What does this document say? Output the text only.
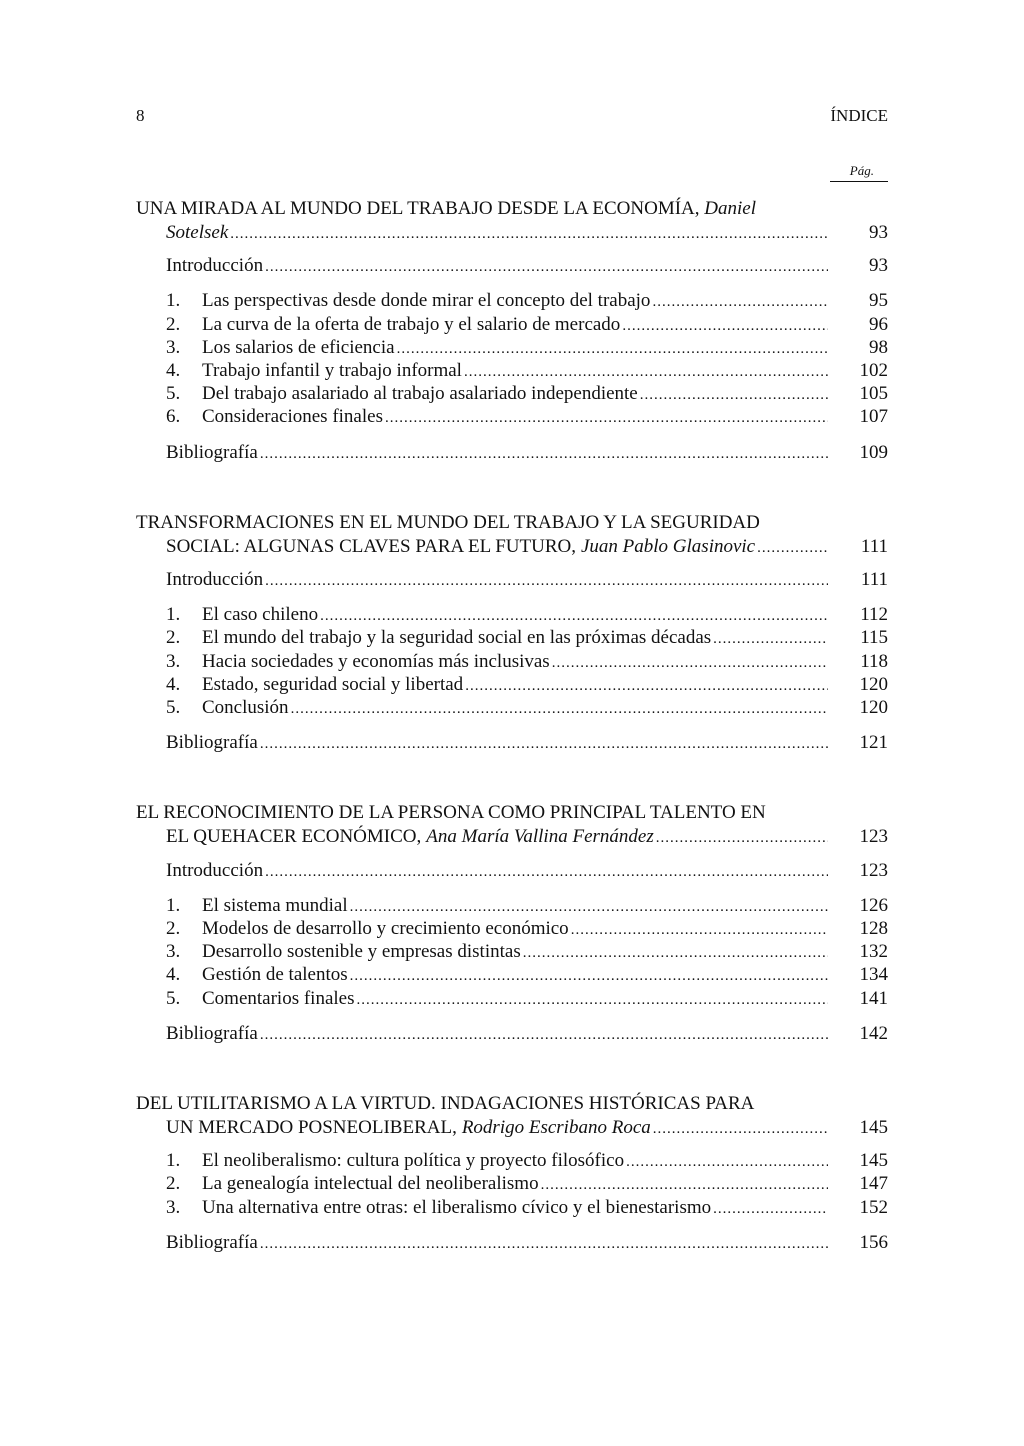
8	ÍNDICE
Pág.
UNA MIRADA AL MUNDO DEL TRABAJO DESDE LA ECONOMÍA, Daniel
Sotelsek .....	93
Introducción .....	93
1.	Las perspectivas desde donde mirar el concepto del trabajo .....	95
2.	La curva de la oferta de trabajo y el salario de mercado .....	96
3.	Los salarios de eficiencia .....	98
4.	Trabajo infantil y trabajo informal .....	102
5.	Del trabajo asalariado al trabajo asalariado independiente .....	105
6.	Consideraciones finales .....	107
Bibliografía .....	109
TRANSFORMACIONES EN EL MUNDO DEL TRABAJO Y LA SEGURIDAD
SOCIAL: ALGUNAS CLAVES PARA EL FUTURO, Juan Pablo Glasinovic .....	111
Introducción .....	111
1.	El caso chileno .....	112
2.	El mundo del trabajo y la seguridad social en las próximas décadas .....	115
3.	Hacia sociedades y economías más inclusivas .....	118
4.	Estado, seguridad social y libertad .....	120
5.	Conclusión .....	120
Bibliografía .....	121
EL RECONOCIMIENTO DE LA PERSONA COMO PRINCIPAL TALENTO EN
EL QUEHACER ECONÓMICO, Ana María Vallina Fernández .....	123
Introducción .....	123
1.	El sistema mundial .....	126
2.	Modelos de desarrollo y crecimiento económico .....	128
3.	Desarrollo sostenible y empresas distintas .....	132
4.	Gestión de talentos .....	134
5.	Comentarios finales .....	141
Bibliografía .....	142
DEL UTILITARISMO A LA VIRTUD. INDAGACIONES HISTÓRICAS PARA
UN MERCADO POSNEOLIBERAL, Rodrigo Escribano Roca .....	145
1.	El neoliberalismo: cultura política y proyecto filosófico .....	145
2.	La genealogía intelectual del neoliberalismo .....	147
3.	Una alternativa entre otras: el liberalismo cívico y el bienestarismo .....	152
Bibliografía .....	156
